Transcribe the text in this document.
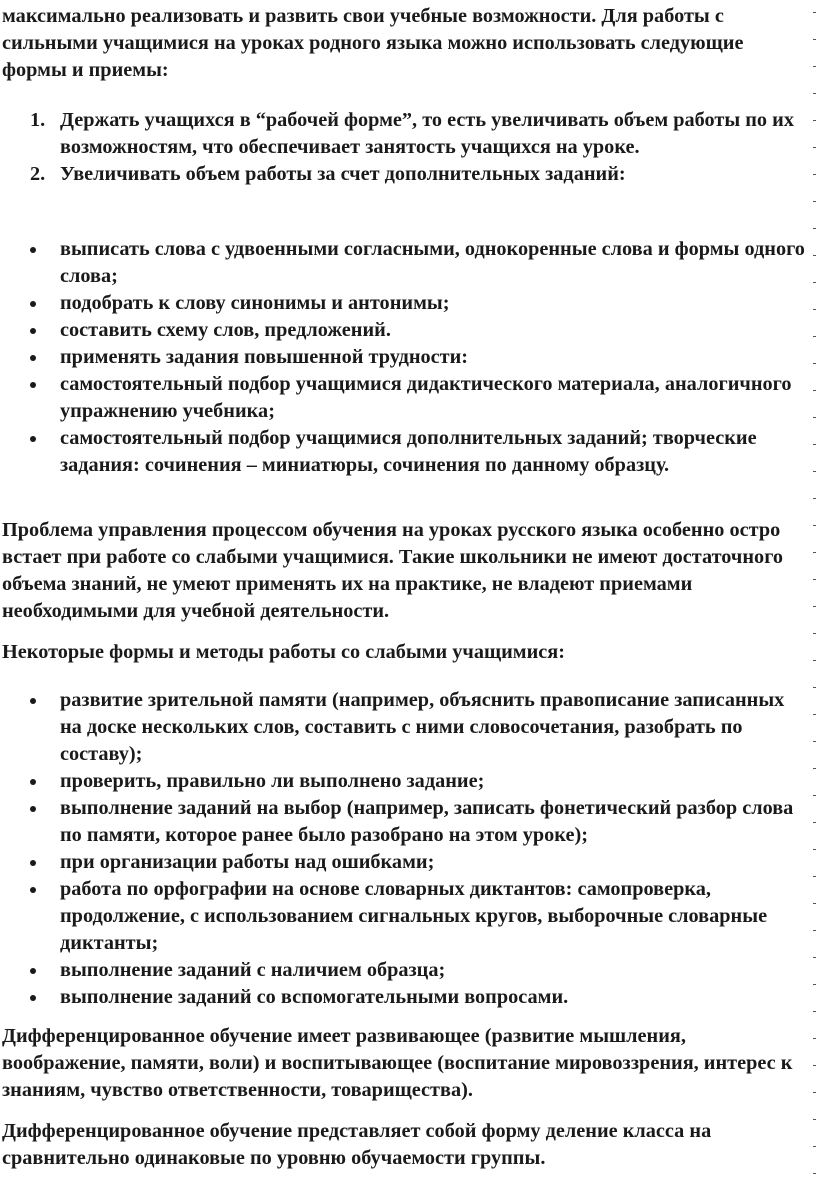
максимально реализовать и развить свои учебные возможности. Для работы с сильными учащимися на уроках родного языка можно использовать следующие формы и приемы:

1. Держать учащихся в “рабочей форме”, то есть увеличивать объем работы по их возможностям, что обеспечивает занятость учащихся на уроке.
2. Увеличивать объем работы за счет дополнительных заданий:
выписать слова с удвоенными согласными, однокоренные слова и формы одного слова;
подобрать к слову синонимы и антонимы;
составить схему слов, предложений.
применять задания повышенной трудности:
самостоятельный подбор учащимися дидактического материала, аналогичного упражнению учебника;
самостоятельный подбор учащимися дополнительных заданий; творческие задания: сочинения – миниатюры, сочинения по данному образцу.

Проблема управления процессом обучения на уроках русского языка особенно остро встает при работе со слабыми учащимися. Такие школьники не имеют достаточного объема знаний, не умеют применять их на практике, не владеют приемами необходимыми для учебной деятельности.

Некоторые формы и методы работы со слабыми учащимися:

развитие зрительной памяти (например, объяснить правописание записанных на доске нескольких слов, составить с ними словосочетания, разобрать по составу);
проверить, правильно ли выполнено задание;
выполнение заданий на выбор (например, записать фонетический разбор слова по памяти, которое ранее было разобрано на этом уроке);
при организации работы над ошибками;
работа по орфографии на основе словарных диктантов: самопроверка, продолжение, с использованием сигнальных кругов, выборочные словарные диктанты;
выполнение заданий с наличием образца;
выполнение заданий со вспомогательными вопросами.

Дифференцированное обучение имеет развивающее (развитие мышления, воображение, памяти, воли) и воспитывающее (воспитание мировоззрения, интерес к знаниям, чувство ответственности, товарищества).

Дифференцированное обучение представляет собой форму деление класса на сравнительно одинаковые по уровню обучаемости группы.
